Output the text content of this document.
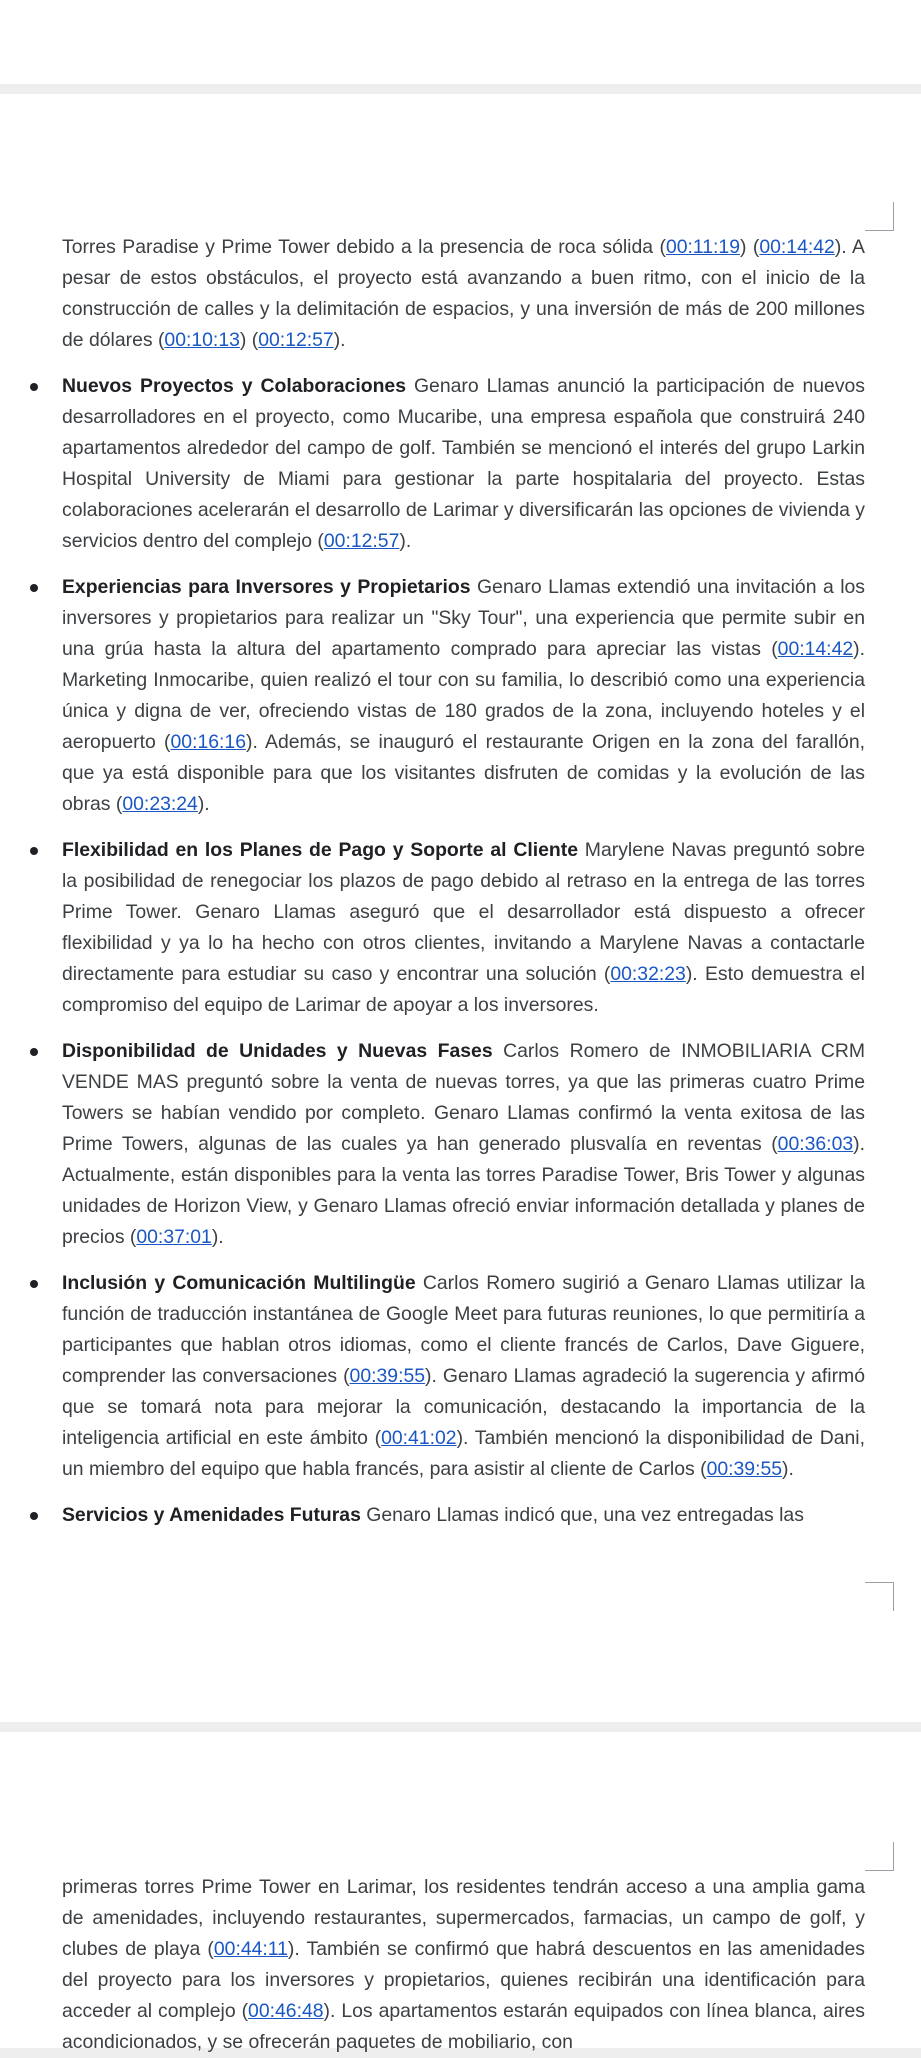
Torres Paradise y Prime Tower debido a la presencia de roca sólida (00:11:19) (00:14:42). A pesar de estos obstáculos, el proyecto está avanzando a buen ritmo, con el inicio de la construcción de calles y la delimitación de espacios, y una inversión de más de 200 millones de dólares (00:10:13) (00:12:57).

Nuevos Proyectos y Colaboraciones Genaro Llamas anunció la participación de nuevos desarrolladores en el proyecto, como Mucaribe, una empresa española que construirá 240 apartamentos alrededor del campo de golf. También se mencionó el interés del grupo Larkin Hospital University de Miami para gestionar la parte hospitalaria del proyecto. Estas colaboraciones acelerarán el desarrollo de Larimar y diversificarán las opciones de vivienda y servicios dentro del complejo (00:12:57).

Experiencias para Inversores y Propietarios Genaro Llamas extendió una invitación a los inversores y propietarios para realizar un "Sky Tour", una experiencia que permite subir en una grúa hasta la altura del apartamento comprado para apreciar las vistas (00:14:42). Marketing Inmocaribe, quien realizó el tour con su familia, lo describió como una experiencia única y digna de ver, ofreciendo vistas de 180 grados de la zona, incluyendo hoteles y el aeropuerto (00:16:16). Además, se inauguró el restaurante Origen en la zona del farallón, que ya está disponible para que los visitantes disfruten de comidas y la evolución de las obras (00:23:24).

Flexibilidad en los Planes de Pago y Soporte al Cliente Marylene Navas preguntó sobre la posibilidad de renegociar los plazos de pago debido al retraso en la entrega de las torres Prime Tower. Genaro Llamas aseguró que el desarrollador está dispuesto a ofrecer flexibilidad y ya lo ha hecho con otros clientes, invitando a Marylene Navas a contactarle directamente para estudiar su caso y encontrar una solución (00:32:23). Esto demuestra el compromiso del equipo de Larimar de apoyar a los inversores.

Disponibilidad de Unidades y Nuevas Fases Carlos Romero de INMOBILIARIA CRM VENDE MAS preguntó sobre la venta de nuevas torres, ya que las primeras cuatro Prime Towers se habían vendido por completo. Genaro Llamas confirmó la venta exitosa de las Prime Towers, algunas de las cuales ya han generado plusvalía en reventas (00:36:03). Actualmente, están disponibles para la venta las torres Paradise Tower, Bris Tower y algunas unidades de Horizon View, y Genaro Llamas ofreció enviar información detallada y planes de precios (00:37:01).

Inclusión y Comunicación Multilingüe Carlos Romero sugirió a Genaro Llamas utilizar la función de traducción instantánea de Google Meet para futuras reuniones, lo que permitiría a participantes que hablan otros idiomas, como el cliente francés de Carlos, Dave Giguere, comprender las conversaciones (00:39:55). Genaro Llamas agradeció la sugerencia y afirmó que se tomará nota para mejorar la comunicación, destacando la importancia de la inteligencia artificial en este ámbito (00:41:02). También mencionó la disponibilidad de Dani, un miembro del equipo que habla francés, para asistir al cliente de Carlos (00:39:55).

Servicios y Amenidades Futuras Genaro Llamas indicó que, una vez entregadas las

primeras torres Prime Tower en Larimar, los residentes tendrán acceso a una amplia gama de amenidades, incluyendo restaurantes, supermercados, farmacias, un campo de golf, y clubes de playa (00:44:11). También se confirmó que habrá descuentos en las amenidades del proyecto para los inversores y propietarios, quienes recibirán una identificación para acceder al complejo (00:46:48). Los apartamentos estarán equipados con línea blanca, aires acondicionados, y se ofrecerán paquetes de mobiliario, con
